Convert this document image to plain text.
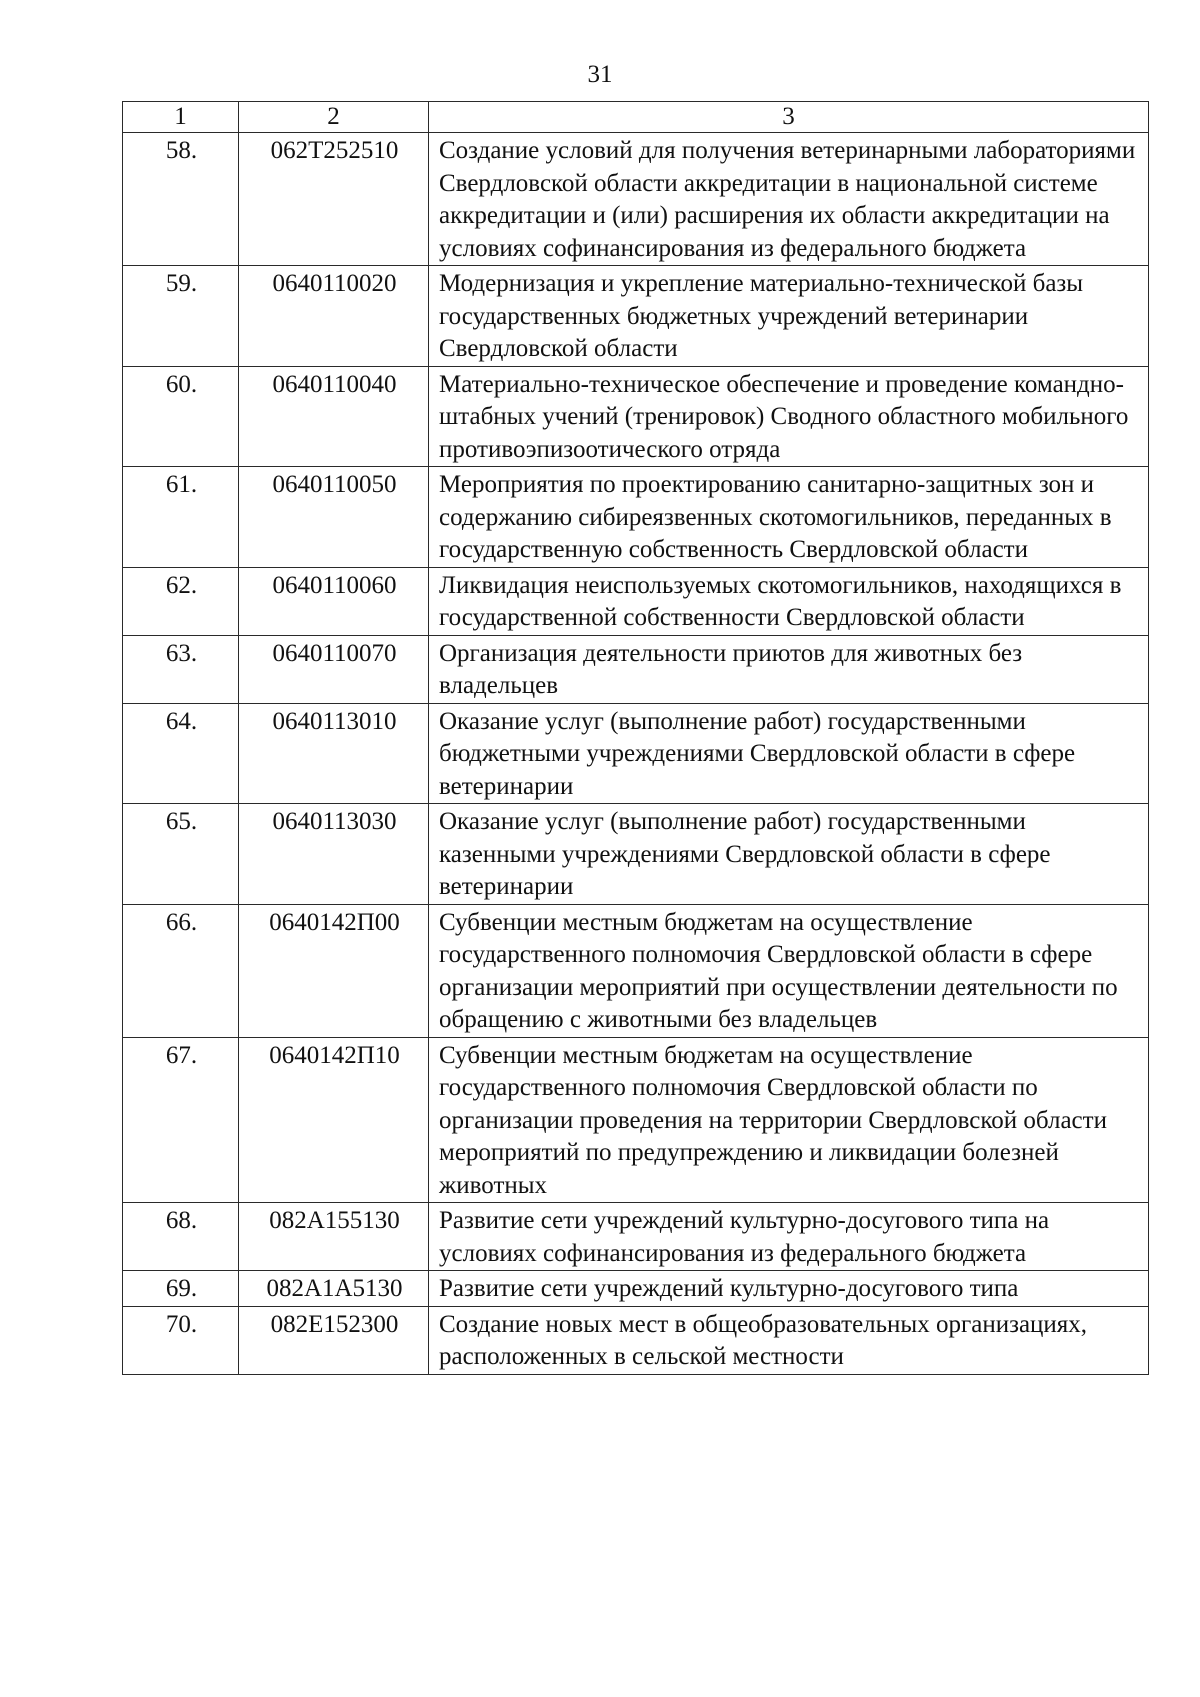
31
1	2	3
58.	062T252510	Создание условий для получения ветеринарными лабораториями Свердловской области аккредитации в национальной системе аккредитации и (или) расширения их области аккредитации на условиях софинансирования из федерального бюджета
59.	0640110020	Модернизация и укрепление материально-технической базы государственных бюджетных учреждений ветеринарии Свердловской области
60.	0640110040	Материально-техническое обеспечение и проведение командно-штабных учений (тренировок) Сводного областного мобильного противоэпизоотического отряда
61.	0640110050	Мероприятия по проектированию санитарно-защитных зон и содержанию сибиреязвенных скотомогильников, переданных в государственную собственность Свердловской области
62.	0640110060	Ликвидация неиспользуемых скотомогильников, находящихся в государственной собственности Свердловской области
63.	0640110070	Организация деятельности приютов для животных без владельцев
64.	0640113010	Оказание услуг (выполнение работ) государственными бюджетными учреждениями Свердловской области в сфере ветеринарии
65.	0640113030	Оказание услуг (выполнение работ) государственными казенными учреждениями Свердловской области в сфере ветеринарии
66.	0640142П00	Субвенции местным бюджетам на осуществление государственного полномочия Свердловской области в сфере организации мероприятий при осуществлении деятельности по обращению с животными без владельцев
67.	0640142П10	Субвенции местным бюджетам на осуществление государственного полномочия Свердловской области по организации проведения на территории Свердловской области мероприятий по предупреждению и ликвидации болезней животных
68.	082A155130	Развитие сети учреждений культурно-досугового типа на условиях софинансирования из федерального бюджета
69.	082A1A5130	Развитие сети учреждений культурно-досугового типа
70.	082E152300	Создание новых мест в общеобразовательных организациях, расположенных в сельской местности
